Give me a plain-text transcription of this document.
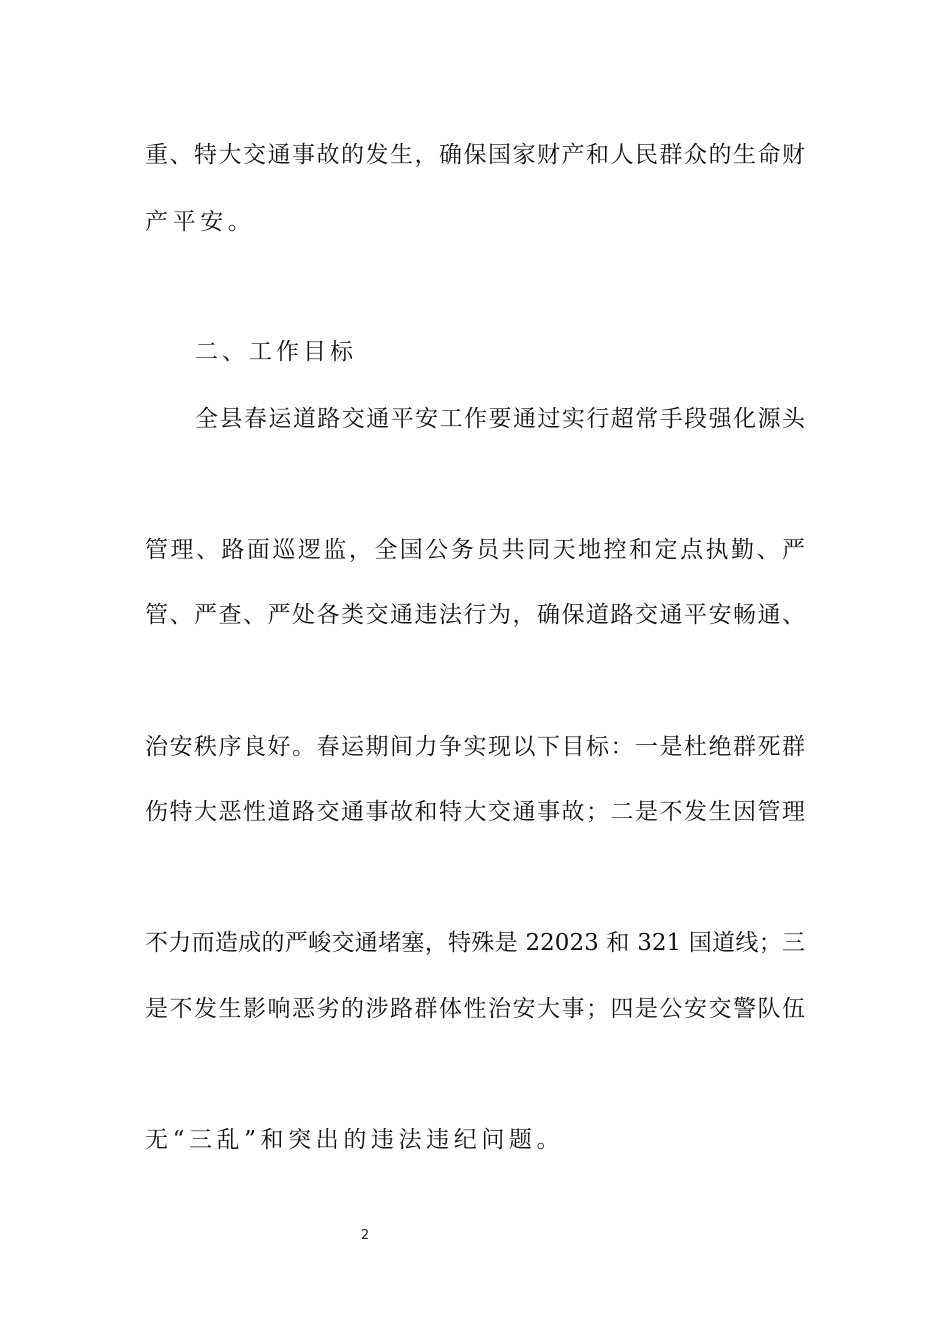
重、特大交通事故的发生，确保国家财产和人民群众的生命财
产平安。
二、工作目标
全县春运道路交通平安工作要通过实行超常手段强化源头
管理、路面巡逻监，全国公务员共同天地控和定点执勤、严
管、严查、严处各类交通违法行为，确保道路交通平安畅通、
治安秩序良好。春运期间力争实现以下目标：一是杜绝群死群
伤特大恶性道路交通事故和特大交通事故；二是不发生因管理
不力而造成的严峻交通堵塞，特殊是 22023 和 321 国道线；三
是不发生影响恶劣的涉路群体性治安大事；四是公安交警队伍
无“三乱”和突出的违法违纪问题。
2
